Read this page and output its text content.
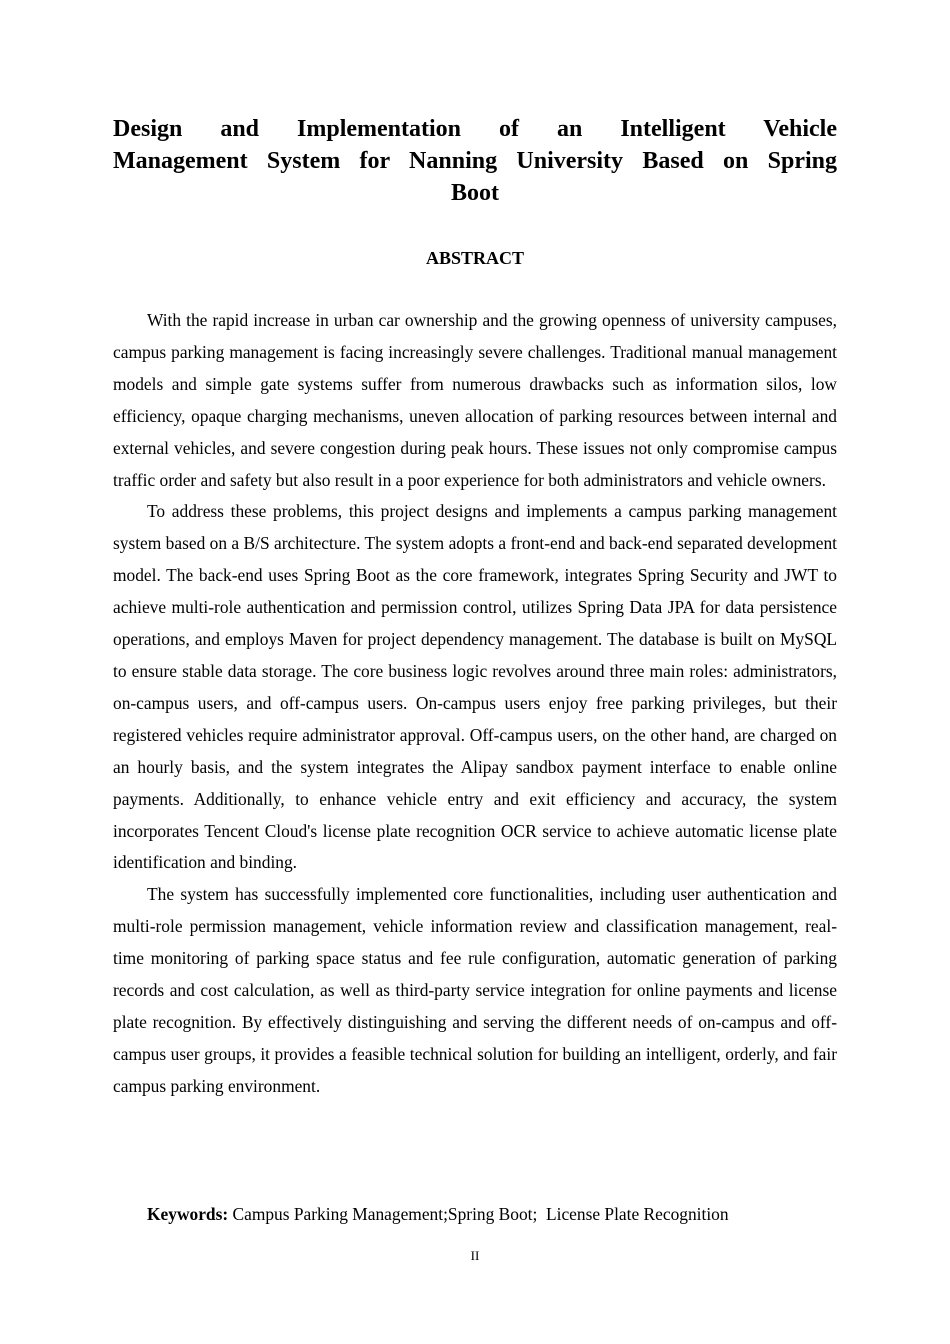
Design and Implementation of an Intelligent Vehicle
Management System for Nanning University Based on Spring
Boot
ABSTRACT

With the rapid increase in urban car ownership and the growing openness of university campuses, campus parking management is facing increasingly severe challenges. Traditional manual management models and simple gate systems suffer from numerous drawbacks such as information silos, low efficiency, opaque charging mechanisms, uneven allocation of parking resources between internal and external vehicles, and severe congestion during peak hours. These issues not only compromise campus traffic order and safety but also result in a poor experience for both administrators and vehicle owners.

To address these problems, this project designs and implements a campus parking management system based on a B/S architecture. The system adopts a front-end and back-end separated development model. The back-end uses Spring Boot as the core framework, integrates Spring Security and JWT to achieve multi-role authentication and permission control, utilizes Spring Data JPA for data persistence operations, and employs Maven for project dependency management. The database is built on MySQL to ensure stable data storage. The core business logic revolves around three main roles: administrators, on-campus users, and off-campus users. On-campus users enjoy free parking privileges, but their registered vehicles require administrator approval. Off-campus users, on the other hand, are charged on an hourly basis, and the system integrates the Alipay sandbox payment interface to enable online payments. Additionally, to enhance vehicle entry and exit efficiency and accuracy, the system incorporates Tencent Cloud's license plate recognition OCR service to achieve automatic license plate identification and binding.

The system has successfully implemented core functionalities, including user authentication and multi-role permission management, vehicle information review and classification management, real-time monitoring of parking space status and fee rule configuration, automatic generation of parking records and cost calculation, as well as third-party service integration for online payments and license plate recognition. By effectively distinguishing and serving the different needs of on-campus and off-campus user groups, it provides a feasible technical solution for building an intelligent, orderly, and fair campus parking environment.

Keywords: Campus Parking Management;Spring Boot;  License Plate Recognition

II
